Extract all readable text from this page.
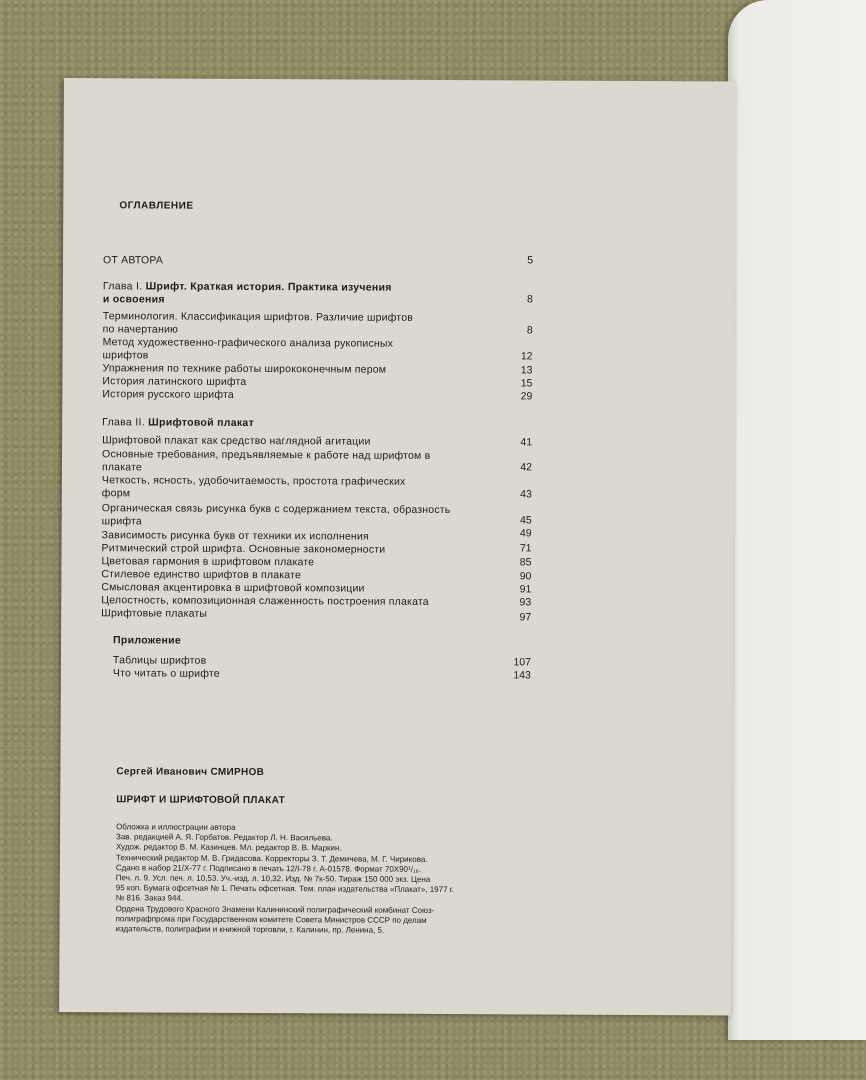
ОГЛАВЛЕНИЕ
ОТ АВТОРА	5
Глава I. Шрифт. Краткая история. Практика изучения
и освоения	8
Терминология. Классификация шрифтов. Различие шрифтов
по начертанию	8
Метод художественно-графического анализа рукописных
шрифтов	12
Упражнения по технике работы ширококонечным пером	13
История латинского шрифта	15
История русского шрифта	29
Глава II. Шрифтовой плакат
Шрифтовой плакат как средство наглядной агитации	41
Основные требования, предъявляемые к работе над шрифтом в
плакате	42
Четкость, ясность, удобочитаемость, простота графических
форм	43
Органическая связь рисунка букв с содержанием текста, образность
шрифта	45
Зависимость рисунка букв от техники их исполнения	49
Ритмический строй шрифта. Основные закономерности	71
Цветовая гармония в шрифтовом плакате	85
Стилевое единство шрифтов в плакате	90
Смысловая акцентировка в шрифтовой композиции	91
Целостность, композиционная слаженность построения плаката	93
Шрифтовые плакаты	97
Приложение
Таблицы шрифтов	107
Что читать о шрифте	143
Сергей Иванович СМИРНОВ
ШРИФТ И ШРИФТОВОЙ ПЛАКАТ
Обложка и иллюстрации автора
Зав. редакцией А. Я. Горбатов. Редактор Л. Н. Васильева.
Худож. редактор В. М. Казинцев. Мл. редактор В. В. Маркин.
Технический редактор М. В. Гридасова. Корректоры З. Т. Демичева, М. Г. Чирикова.
Сдано в набор 21/X-77 г. Подписано в печать 12/I-78 г. А-01578. Формат 70Х90¹/₁₆.
Печ. л. 9. Усл. печ. л. 10,53. Уч.-изд. л. 10,32. Изд. № 7к-50. Тираж 150 000 экз. Цена
95 коп. Бумага офсетная № 1. Печать офсетная. Тем. план издательства «Плакат», 1977 г.
№ 816. Заказ 944.
Ордена Трудового Красного Знамени Калининский полиграфический комбинат Союз-
полиграфпрома при Государственном комитете Совета Министров СССР по делам
издательств, полиграфии и книжной торговли, г. Калинин, пр. Ленина, 5.
